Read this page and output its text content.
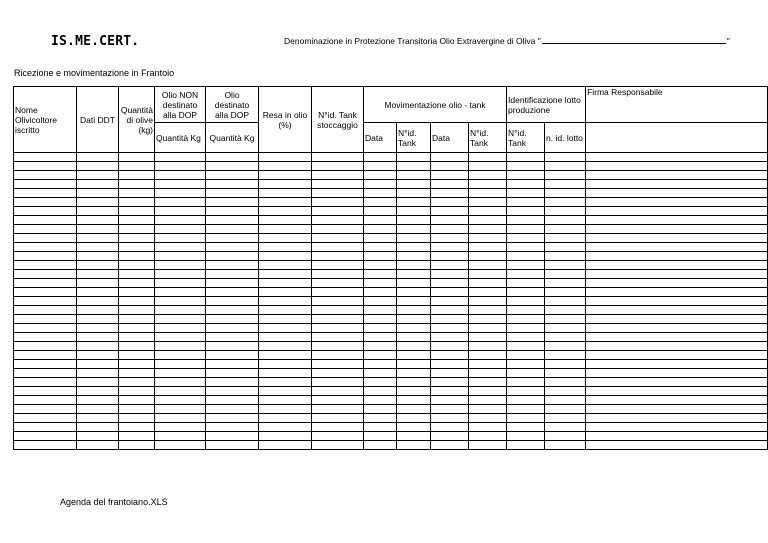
IS.ME.CERT.	Denominazione in Protezione Transitoria Olio Extravergine di Oliva "	"
Ricezione e movimentazione in Frantoio
Nome Olivicoltore iscritto	Dati DDT	Quantità di olive (kg)	Olio NON destinato alla DOP	Olio destinato alla DOP	Resa in olio (%)	N°id. Tank stoccaggio	Movimentazione olio - tank				Identificazione lotto produzione		Firma Responsabile
			Quantità Kg	Quantità Kg			Data	N°id. Tank	Data	N°id. Tank	N°id. Tank	n. id. lotto	

Agenda del frantoiano.XLS
